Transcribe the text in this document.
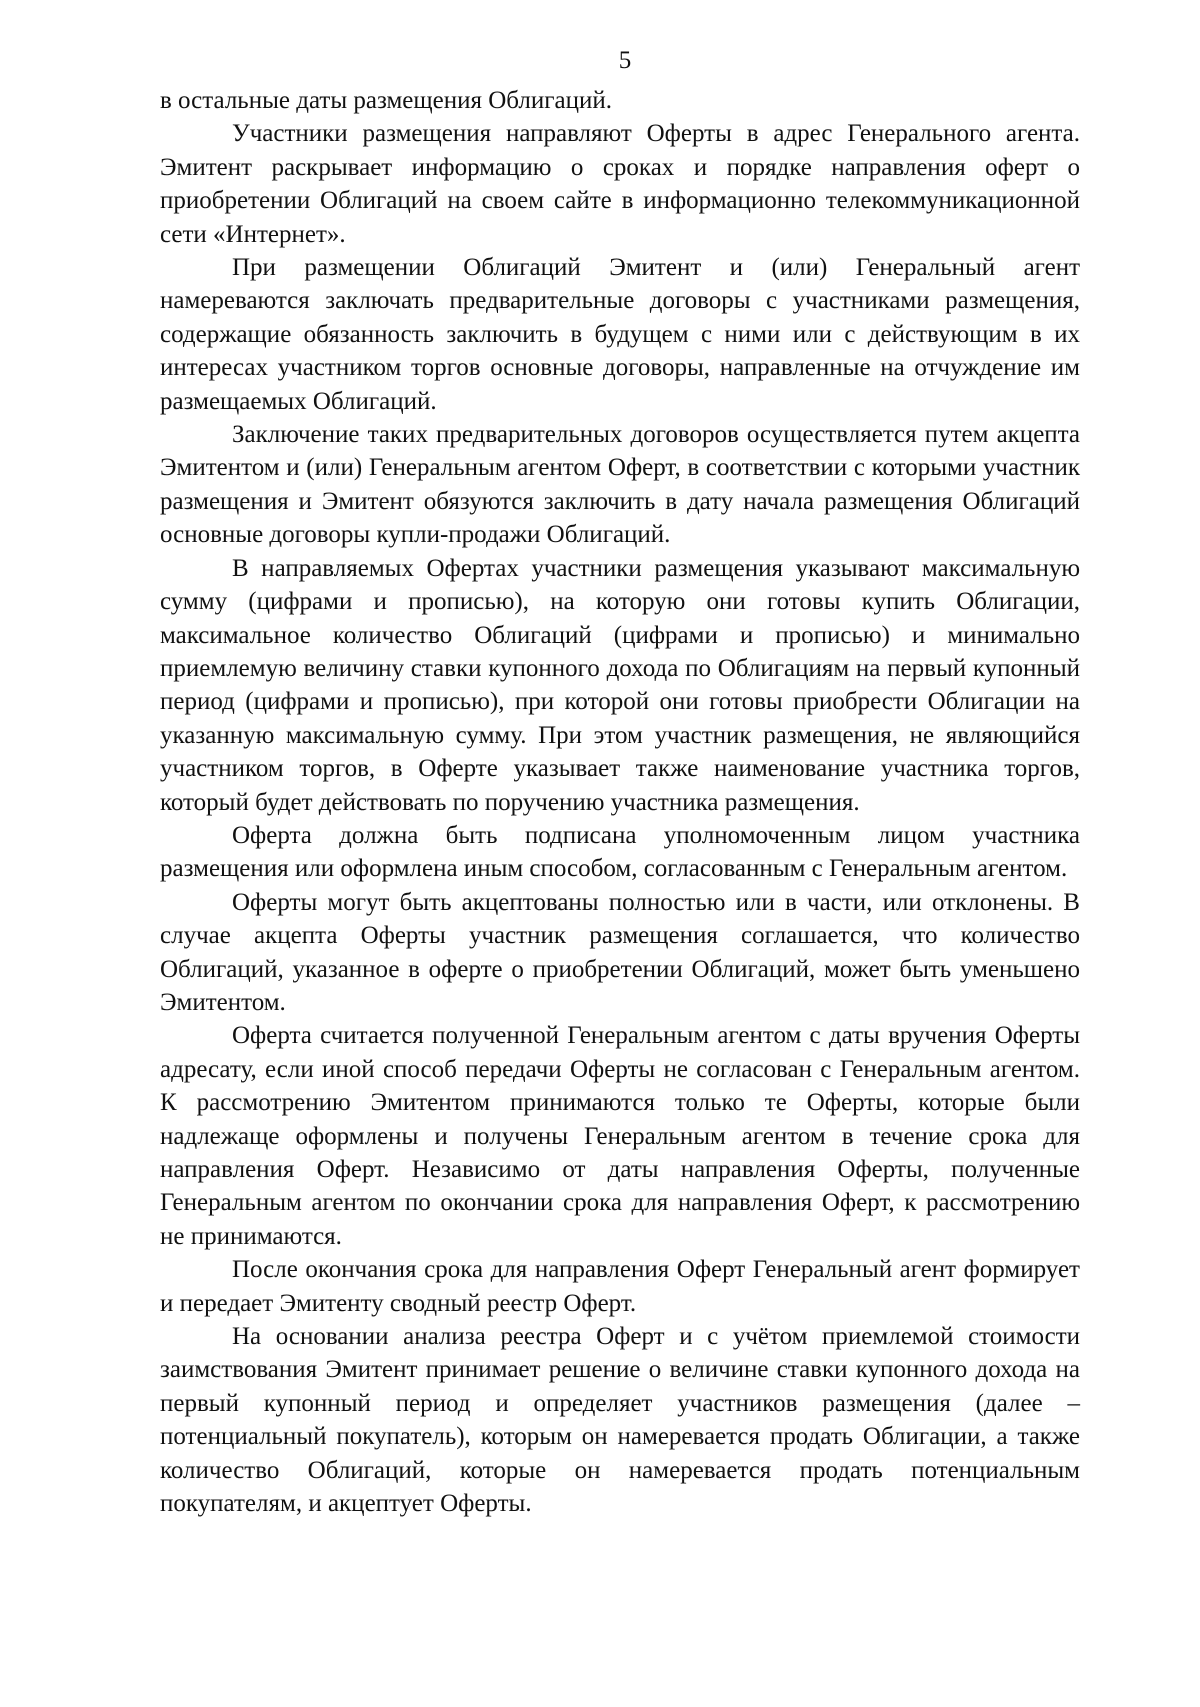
5

в остальные даты размещения Облигаций.

Участники размещения направляют Оферты в адрес Генерального агента. Эмитент раскрывает информацию о сроках и порядке направления оферт о приобретении Облигаций на своем сайте в информационно телекоммуникационной сети «Интернет».

При размещении Облигаций Эмитент и (или) Генеральный агент намереваются заключать предварительные договоры с участниками размещения, содержащие обязанность заключить в будущем с ними или с действующим в их интересах участником торгов основные договоры, направленные на отчуждение им размещаемых Облигаций.

Заключение таких предварительных договоров осуществляется путем акцепта Эмитентом и (или) Генеральным агентом Оферт, в соответствии с которыми участник размещения и Эмитент обязуются заключить в дату начала размещения Облигаций основные договоры купли-продажи Облигаций.

В направляемых Офертах участники размещения указывают максимальную сумму (цифрами и прописью), на которую они готовы купить Облигации, максимальное количество Облигаций (цифрами и прописью) и минимально приемлемую величину ставки купонного дохода по Облигациям на первый купонный период (цифрами и прописью), при которой они готовы приобрести Облигации на указанную максимальную сумму. При этом участник размещения, не являющийся участником торгов, в Оферте указывает также наименование участника торгов, который будет действовать по поручению участника размещения.

Оферта должна быть подписана уполномоченным лицом участника размещения или оформлена иным способом, согласованным с Генеральным агентом.

Оферты могут быть акцептованы полностью или в части, или отклонены. В случае акцепта Оферты участник размещения соглашается, что количество Облигаций, указанное в оферте о приобретении Облигаций, может быть уменьшено Эмитентом.

Оферта считается полученной Генеральным агентом с даты вручения Оферты адресату, если иной способ передачи Оферты не согласован с Генеральным агентом. К рассмотрению Эмитентом принимаются только те Оферты, которые были надлежаще оформлены и получены Генеральным агентом в течение срока для направления Оферт. Независимо от даты направления Оферты, полученные Генеральным агентом по окончании срока для направления Оферт, к рассмотрению не принимаются.

После окончания срока для направления Оферт Генеральный агент формирует и передает Эмитенту сводный реестр Оферт.

На основании анализа реестра Оферт и с учётом приемлемой стоимости заимствования Эмитент принимает решение о величине ставки купонного дохода на первый купонный период и определяет участников размещения (далее – потенциальный покупатель), которым он намеревается продать Облигации, а также количество Облигаций, которые он намеревается продать потенциальным покупателям, и акцептует Оферты.
